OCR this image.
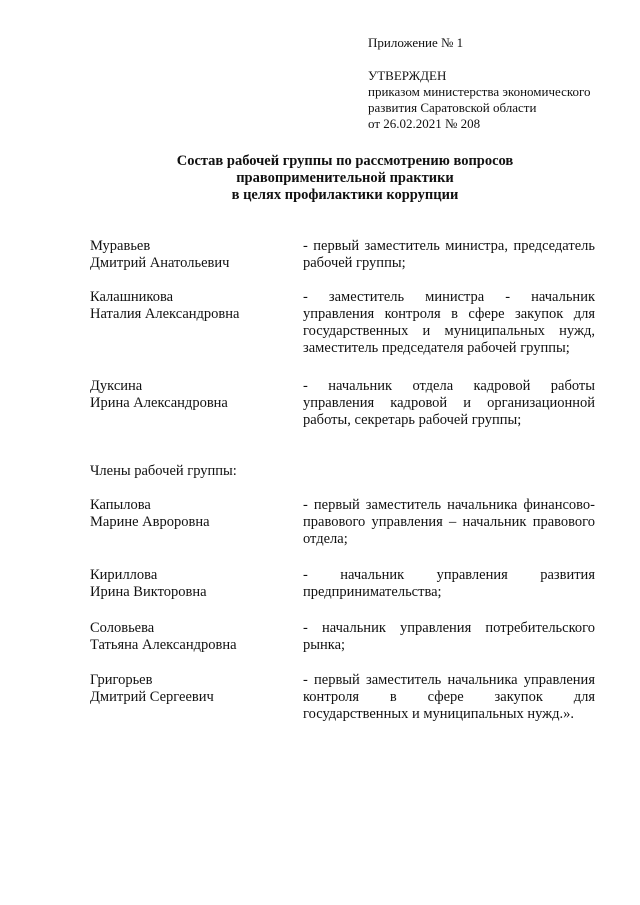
Приложение № 1
УТВЕРЖДЕН
приказом министерства экономического
развития Саратовской области
от 26.02.2021 № 208
Состав рабочей группы по рассмотрению вопросов
правоприменительной практики
в целях профилактики коррупции
Муравьев
Дмитрий Анатольевич
- первый заместитель министра, председатель рабочей группы;
Калашникова
Наталия Александровна
- заместитель министра - начальник управления контроля в сфере закупок для государственных и муниципальных нужд, заместитель председателя рабочей группы;
Дуксина
Ирина Александровна
- начальник отдела кадровой работы управления кадровой и организационной работы, секретарь рабочей группы;
Члены рабочей группы:
Капылова
Марине Авроровна
- первый заместитель начальника финансово-правового управления – начальник правового отдела;
Кириллова
Ирина Викторовна
- начальник управления развития предпринимательства;
Соловьева
Татьяна Александровна
- начальник управления потребительского рынка;
Григорьев
Дмитрий Сергеевич
- первый заместитель начальника управления контроля в сфере закупок для государственных и муниципальных нужд.».
